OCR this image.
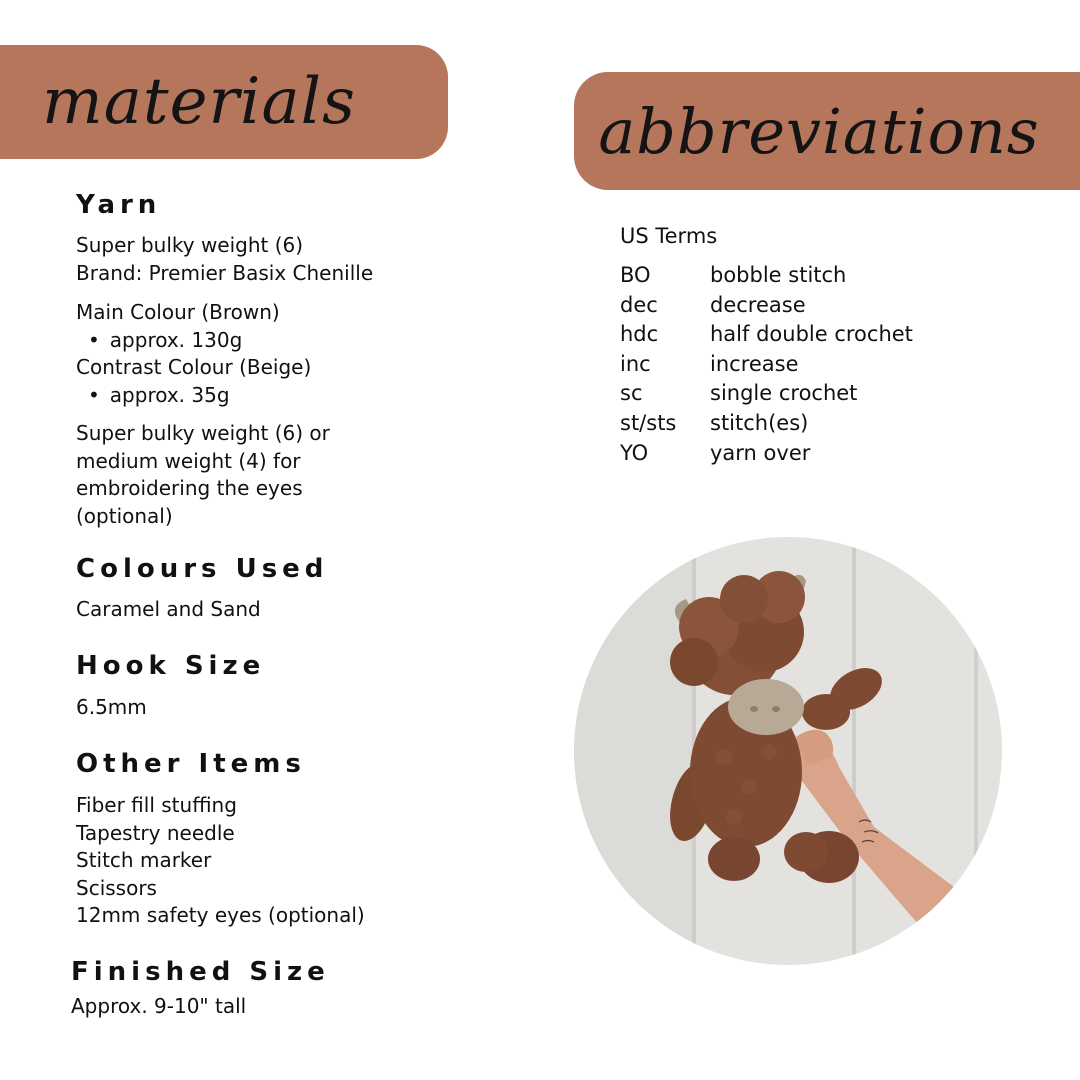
materials	abbreviations
Yarn
Super bulky weight (6)
Brand: Premier Basix Chenille
Main Colour (Brown)
• approx. 130g
Contrast Colour (Beige)
• approx. 35g
Super bulky weight (6) or
medium weight (4) for
embroidering the eyes
(optional)
Colours Used
Caramel and Sand
Hook Size
6.5mm
Other Items
Fiber fill stuffing
Tapestry needle
Stitch marker
Scissors
12mm safety eyes (optional)
Finished Size
Approx. 9-10" tall
US Terms
BO	bobble stitch
dec	decrease
hdc	half double crochet
inc	increase
sc	single crochet
st/sts	stitch(es)
YO	yarn over
